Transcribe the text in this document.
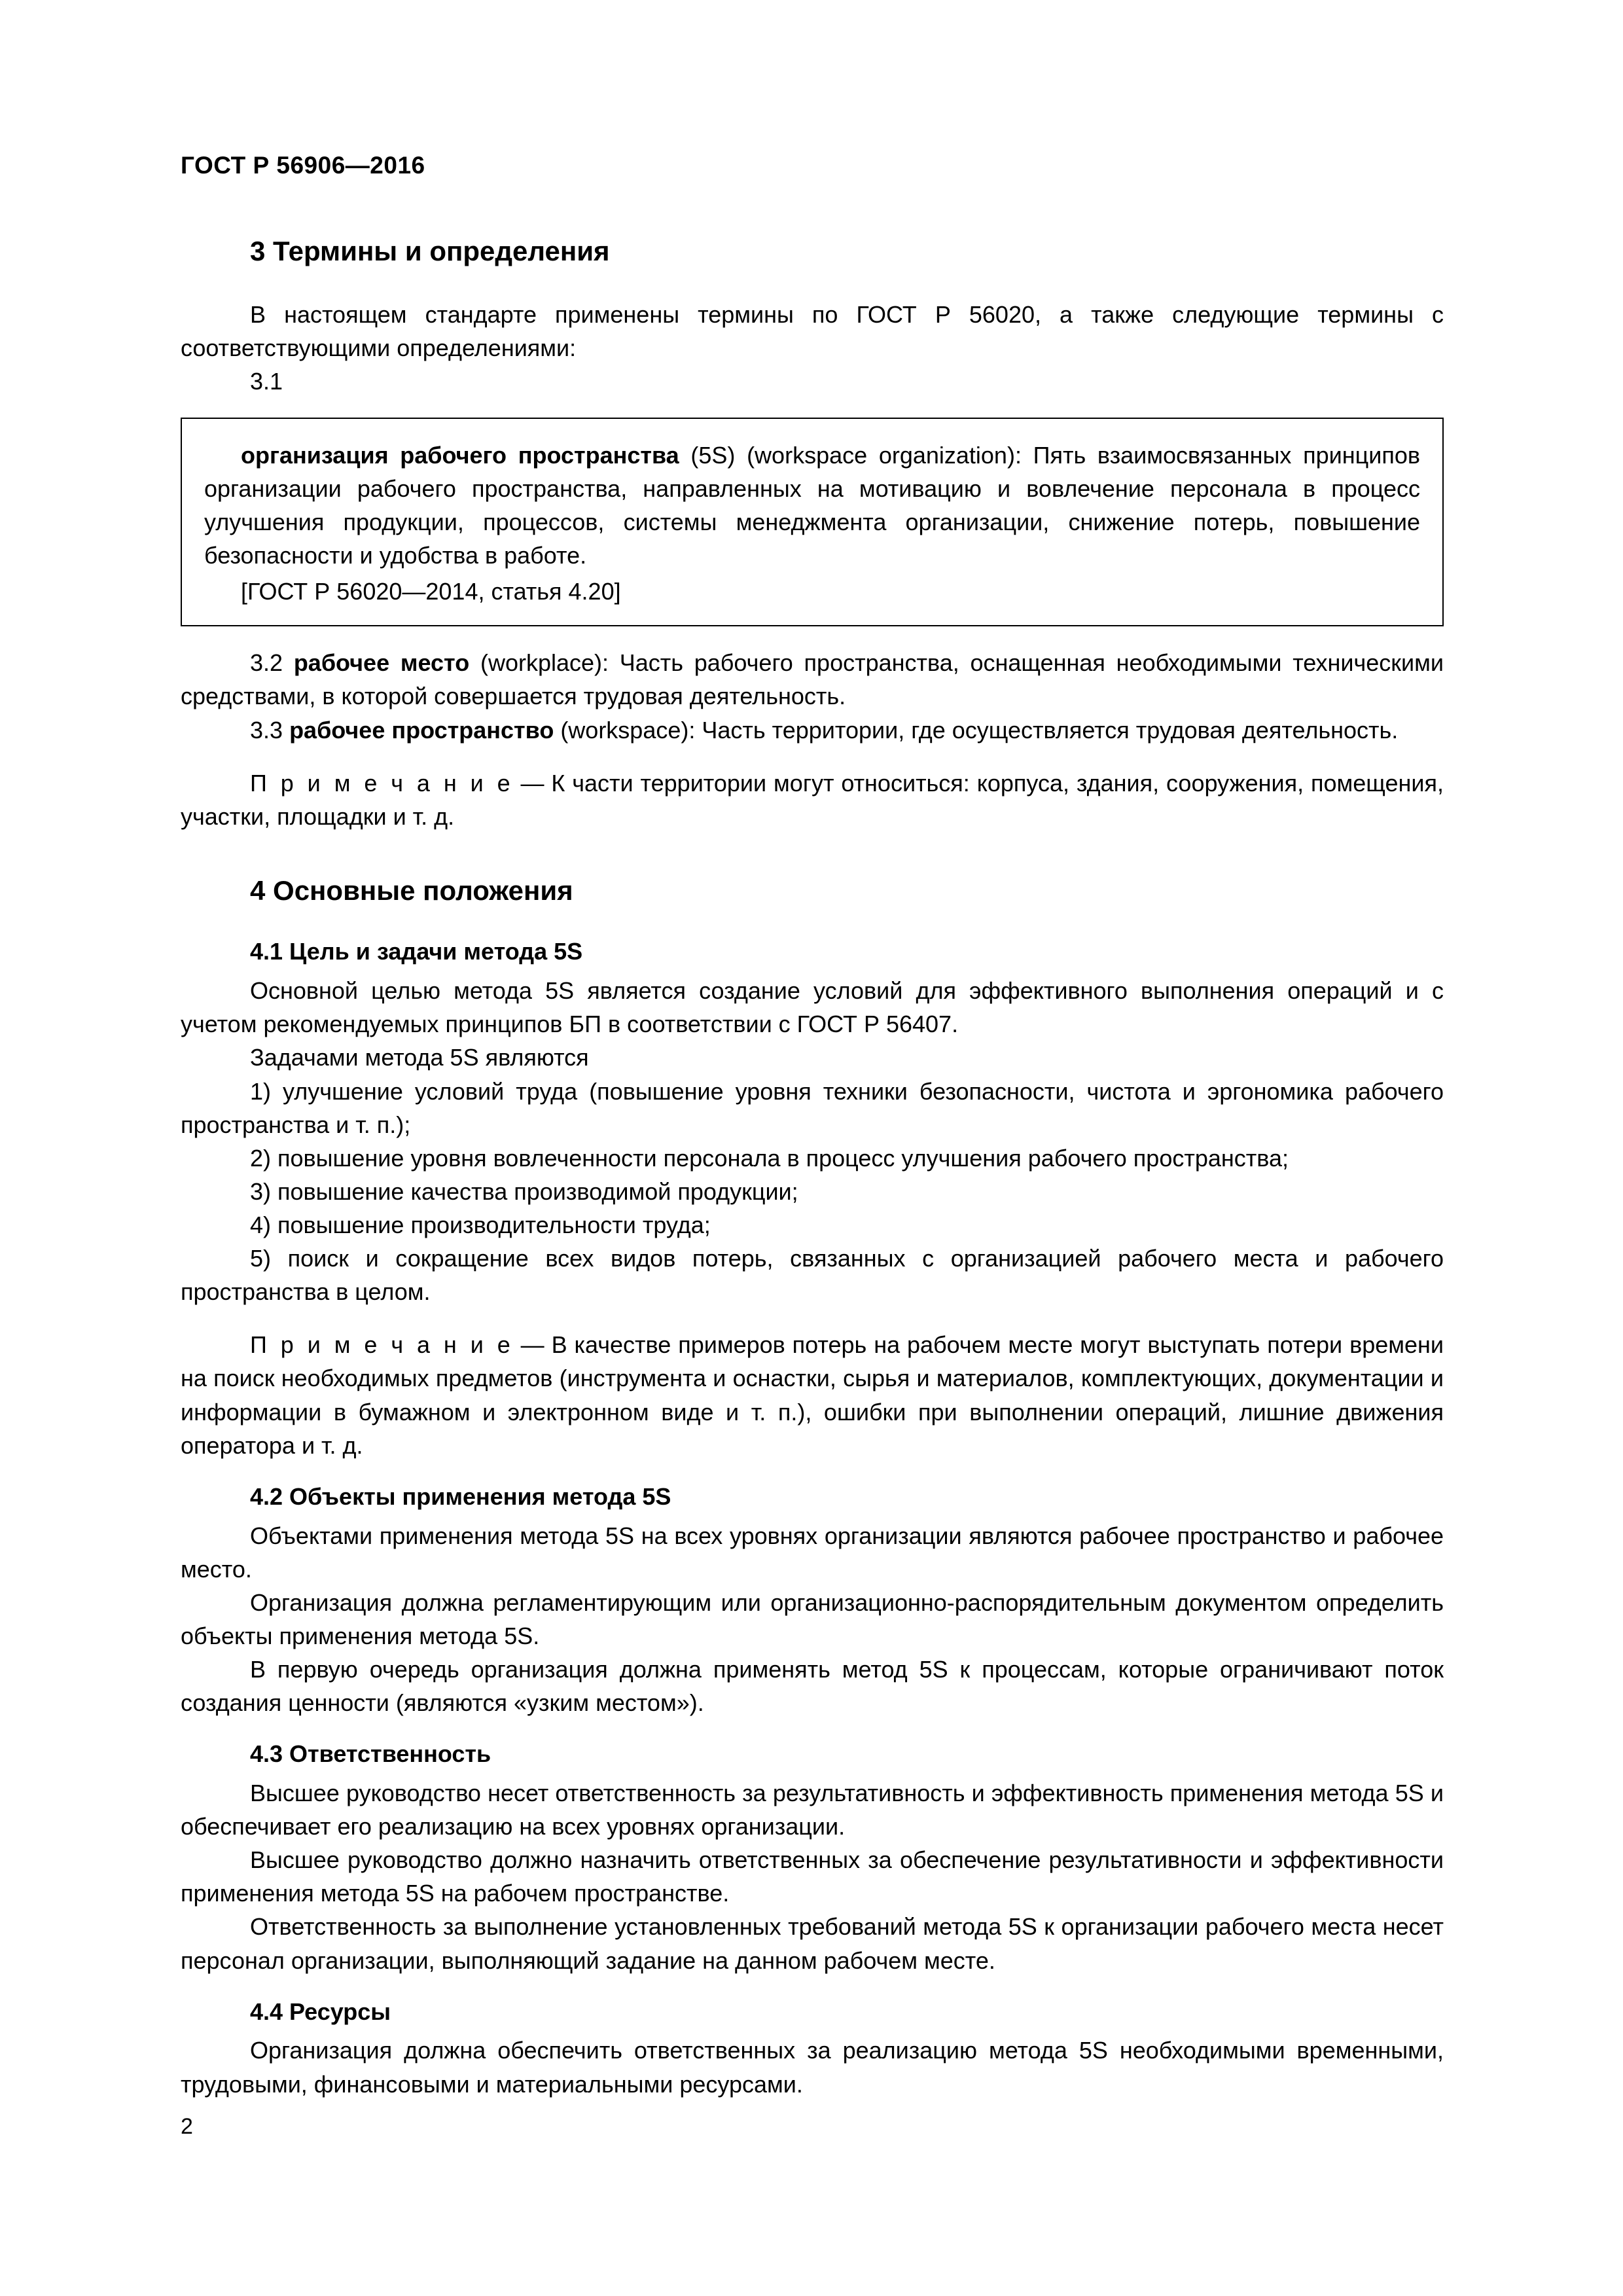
ГОСТ Р 56906—2016
3 Термины и определения

В настоящем стандарте применены термины по ГОСТ Р 56020, а также следующие термины с соответствующими определениями:

3.1

организация рабочего пространства (5S) (workspace organization): Пять взаимосвязанных принципов организации рабочего пространства, направленных на мотивацию и вовлечение персонала в процесс улучшения продукции, процессов, системы менеджмента организации, снижение потерь, повышение безопасности и удобства в работе.

[ГОСТ Р 56020—2014, статья 4.20]

3.2 рабочее место (workplace): Часть рабочего пространства, оснащенная необходимыми техническими средствами, в которой совершается трудовая деятельность.

3.3 рабочее пространство (workspace): Часть территории, где осуществляется трудовая деятельность.

П р и м е ч а н и е — К части территории могут относиться: корпуса, здания, сооружения, помещения, участки, площадки и т. д.

4 Основные положения
4.1 Цель и задачи метода 5S

Основной целью метода 5S является создание условий для эффективного выполнения операций и с учетом рекомендуемых принципов БП в соответствии с ГОСТ Р 56407.

Задачами метода 5S являются

1) улучшение условий труда (повышение уровня техники безопасности, чистота и эргономика рабочего пространства и т. п.);

2) повышение уровня вовлеченности персонала в процесс улучшения рабочего пространства;

3) повышение качества производимой продукции;

4) повышение производительности труда;

5) поиск и сокращение всех видов потерь, связанных с организацией рабочего места и рабочего пространства в целом.

П р и м е ч а н и е — В качестве примеров потерь на рабочем месте могут выступать потери времени на поиск необходимых предметов (инструмента и оснастки, сырья и материалов, комплектующих, документации и информации в бумажном и электронном виде и т. п.), ошибки при выполнении операций, лишние движения оператора и т. д.

4.2 Объекты применения метода 5S

Объектами применения метода 5S на всех уровнях организации являются рабочее пространство и рабочее место.

Организация должна регламентирующим или организационно-распорядительным документом определить объекты применения метода 5S.

В первую очередь организация должна применять метод 5S к процессам, которые ограничивают поток создания ценности (являются «узким местом»).

4.3 Ответственность

Высшее руководство несет ответственность за результативность и эффективность применения метода 5S и обеспечивает его реализацию на всех уровнях организации.

Высшее руководство должно назначить ответственных за обеспечение результативности и эффективности применения метода 5S на рабочем пространстве.

Ответственность за выполнение установленных требований метода 5S к организации рабочего места несет персонал организации, выполняющий задание на данном рабочем месте.

4.4 Ресурсы

Организация должна обеспечить ответственных за реализацию метода 5S необходимыми временными, трудовыми, финансовыми и материальными ресурсами.

2
